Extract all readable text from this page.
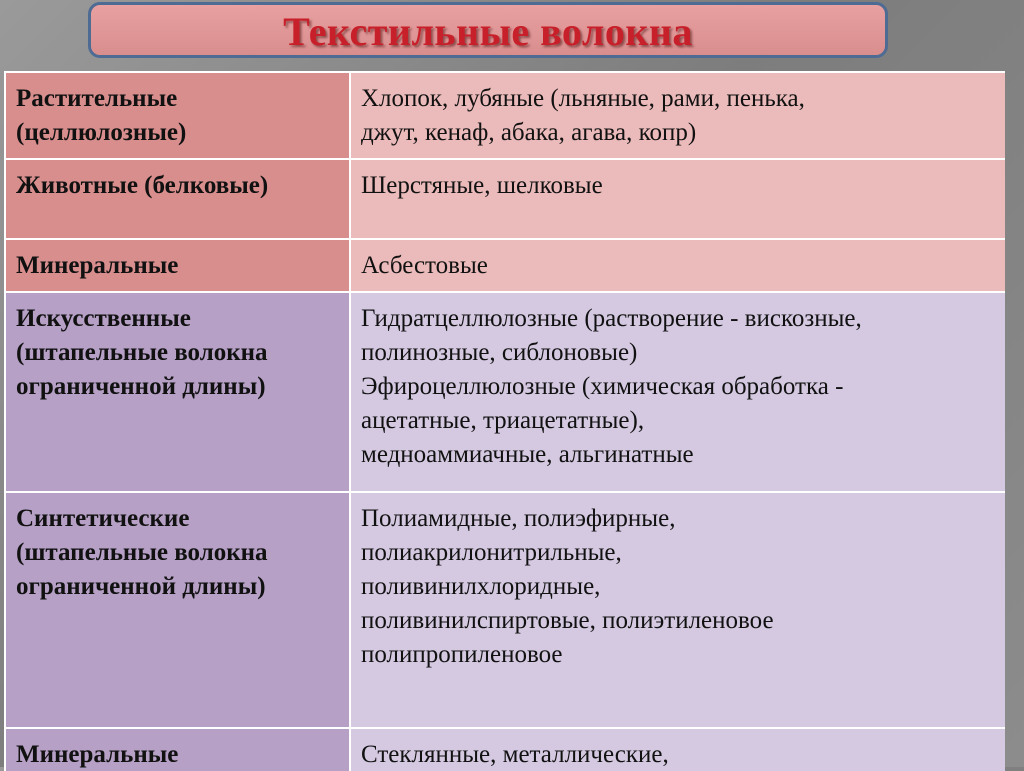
Текстильные волокна
Растительные
(целлюлозные)	Хлопок, лубяные (льняные, рами, пенька,
джут, кенаф, абака, агава, копр)

Животные (белковые)	Шерстяные, шелковые

Минеральные	Асбестовые

Искусственные
(штапельные волокна
ограниченной длины)	Гидратцеллюлозные (растворение - вискозные,
полинозные, сиблоновые)
Эфироцеллюлозные (химическая обработка -
ацетатные, триацетатные),
медноаммиачные, альгинатные

Синтетические
(штапельные волокна
ограниченной длины)	Полиамидные, полиэфирные,
полиакрилонитрильные,
поливинилхлоридные,
поливинилспиртовые, полиэтиленовое
полипропиленовое

Минеральные	Стеклянные, металлические,
